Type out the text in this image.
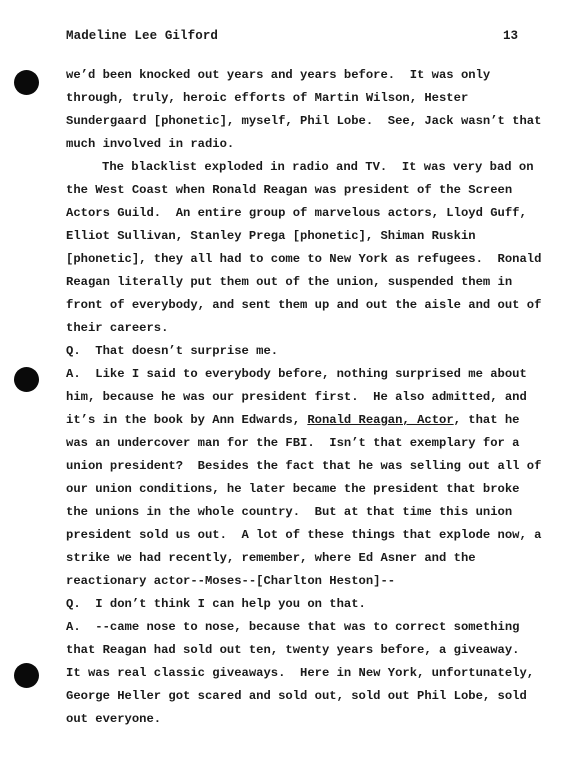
Madeline Lee Gilford	13
we’d been knocked out years and years before.  It was only
through, truly, heroic efforts of Martin Wilson, Hester
Sundergaard [phonetic], myself, Phil Lobe.  See, Jack wasn’t that
much involved in radio.
The blacklist exploded in radio and TV.  It was very bad on
the West Coast when Ronald Reagan was president of the Screen
Actors Guild.  An entire group of marvelous actors, Lloyd Guff,
Elliot Sullivan, Stanley Prega [phonetic], Shiman Ruskin
[phonetic], they all had to come to New York as refugees.  Ronald
Reagan literally put them out of the union, suspended them in
front of everybody, and sent them up and out the aisle and out of
their careers.
Q.  That doesn’t surprise me.
A.  Like I said to everybody before, nothing surprised me about
him, because he was our president first.  He also admitted, and
it’s in the book by Ann Edwards, Ronald Reagan, Actor, that he
was an undercover man for the FBI.  Isn’t that exemplary for a
union president?  Besides the fact that he was selling out all of
our union conditions, he later became the president that broke
the unions in the whole country.  But at that time this union
president sold us out.  A lot of these things that explode now, a
strike we had recently, remember, where Ed Asner and the
reactionary actor--Moses--[Charlton Heston]--
Q.  I don’t think I can help you on that.
A.  --came nose to nose, because that was to correct something
that Reagan had sold out ten, twenty years before, a giveaway.
It was real classic giveaways.  Here in New York, unfortunately,
George Heller got scared and sold out, sold out Phil Lobe, sold
out everyone.
